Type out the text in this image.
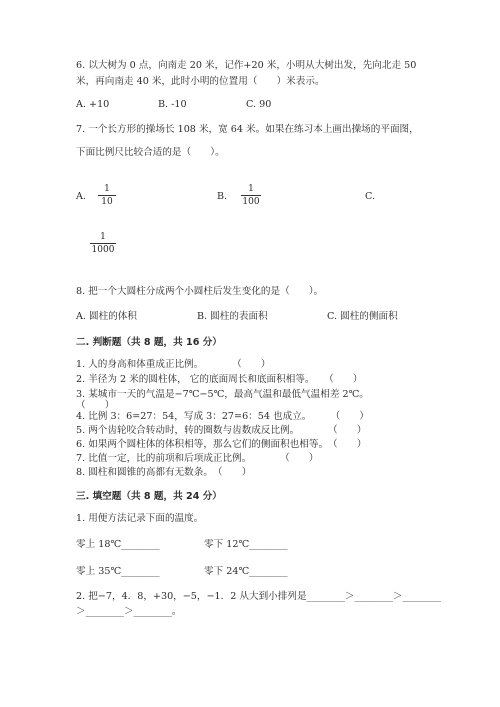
6. 以大树为 0 点，向南走 20 米，记作+20 米，小明从大树出发，先向北走 50
米，再向南走 40 米，此时小明的位置用（　　）米表示。
A. +10	B. -10	C. 90
7. 一个长方形的操场长 108 米，宽 64 米。如果在练习本上画出操场的平面图，
下面比例尺比较合适的是（　　）。
A.
1
10	B.
1
100	C.
1
1000
8. 把一个大圆柱分成两个小圆柱后发生变化的是（　　）。
A. 圆柱的体积	B. 圆柱的表面积	C. 圆柱的侧面积
二. 判断题（共 8 题，共 16 分）
1. 人的身高和体重成正比例。　　　　（　　）
2. 半径为 2 米的圆柱体， 它的底面周长和底面积相等。　　（　　）
3. 某城市一天的气温是−7℃−5℃，最高气温和最低气温相差 2℃。
（　　）
4. 比例 3：6=27：54，写成 3：27=6：54 也成立。　　　（　　）
5. 两个齿轮咬合转动时，转的圈数与齿数成反比例。　　　　（　　）
6. 如果两个圆柱体的体积相等，那么它们的侧面积也相等。　（　　）
7. 比值一定，比的前项和后项成正比例。　　　　（　　）
8. 圆柱和圆锥的高都有无数条。　（　　）
三. 填空题（共 8 题，共 24 分）
1. 用便方法记录下面的温度。
零上 18℃________	零下 12℃________
零上 35℃________	零下 24℃________
2. 把−7，4．8，+30，−5，−1．2 从大到小排列是________＞________＞________
＞________＞________。
